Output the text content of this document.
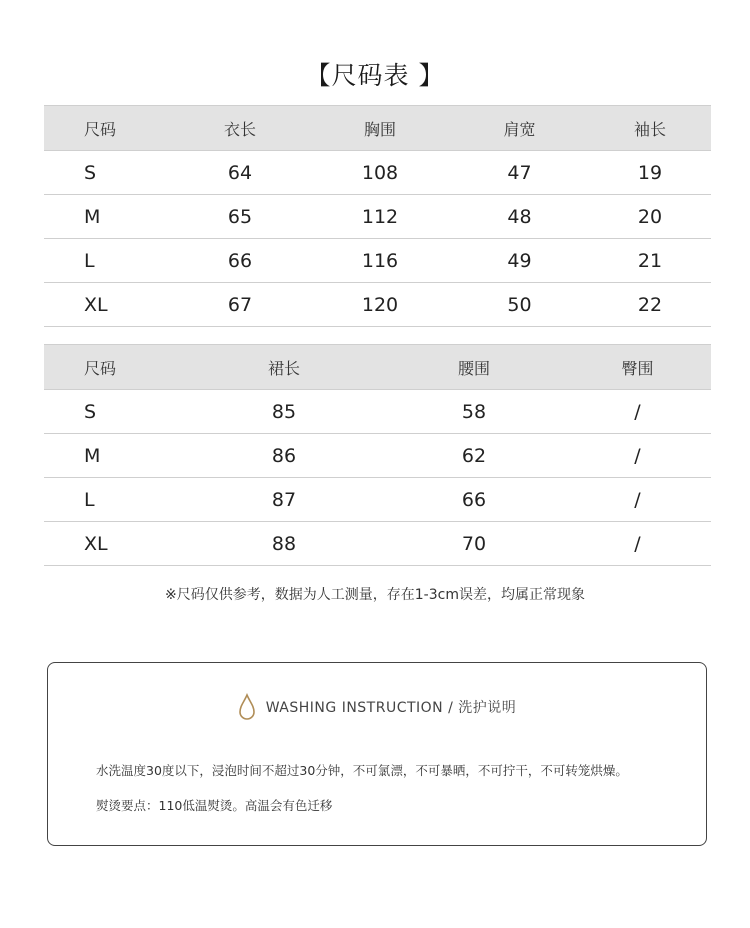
【尺码表 】
尺码	衣长	胸围	肩宽	袖长
S	64	108	47	19
M	65	112	48	20
L	66	116	49	21
XL	67	120	50	22
尺码	裙长	腰围	臀围
S	85	58	/
M	86	62	/
L	87	66	/
XL	88	70	/
※尺码仅供参考，数据为人工测量，存在1-3cm误差，均属正常现象
WASHING INSTRUCTION / 洗护说明
水洗温度30度以下，浸泡时间不超过30分钟，不可氯漂，不可暴晒，不可拧干，不可转笼烘燥。
熨烫要点：110低温熨烫。高温会有色迁移
